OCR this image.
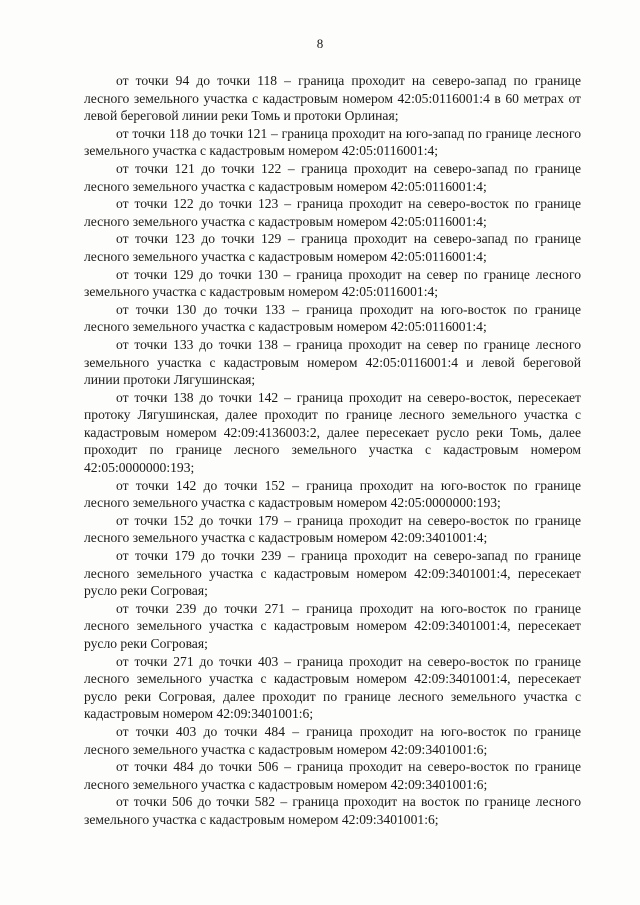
8

от точки 94 до точки 118 – граница проходит на северо-запад по границе лесного земельного участка с кадастровым номером 42:05:0116001:4 в 60 метрах от левой береговой линии реки Томь и протоки Орлиная;

от точки 118 до точки 121 – граница проходит на юго-запад по границе лесного земельного участка с кадастровым номером 42:05:0116001:4;

от точки 121 до точки 122 – граница проходит на северо-запад по границе лесного земельного участка с кадастровым номером 42:05:0116001:4;

от точки 122 до точки 123 – граница проходит на северо-восток по границе лесного земельного участка с кадастровым номером 42:05:0116001:4;

от точки 123 до точки 129 – граница проходит на северо-запад по границе лесного земельного участка с кадастровым номером 42:05:0116001:4;

от точки 129 до точки 130 – граница проходит на север по границе лесного земельного участка с кадастровым номером 42:05:0116001:4;

от точки 130 до точки 133 – граница проходит на юго-восток по границе лесного земельного участка с кадастровым номером 42:05:0116001:4;

от точки 133 до точки 138 – граница проходит на север по границе лесного земельного участка с кадастровым номером 42:05:0116001:4 и левой береговой линии протоки Лягушинская;

от точки 138 до точки 142 – граница проходит на северо-восток, пересекает протоку Лягушинская, далее проходит по границе лесного земельного участка с кадастровым номером 42:09:4136003:2, далее пересекает русло реки Томь, далее проходит по границе лесного земельного участка с кадастровым номером 42:05:0000000:193;

от точки 142 до точки 152 – граница проходит на юго-восток по границе лесного земельного участка с кадастровым номером 42:05:0000000:193;

от точки 152 до точки 179 – граница проходит на северо-восток по границе лесного земельного участка с кадастровым номером 42:09:3401001:4;

от точки 179 до точки 239 – граница проходит на северо-запад по границе лесного земельного участка с кадастровым номером 42:09:3401001:4, пересекает русло реки Согровая;

от точки 239 до точки 271 – граница проходит на юго-восток по границе лесного земельного участка с кадастровым номером 42:09:3401001:4, пересекает русло реки Согровая;

от точки 271 до точки 403 – граница проходит на северо-восток по границе лесного земельного участка с кадастровым номером 42:09:3401001:4, пересекает русло реки Согровая, далее проходит по границе лесного земельного участка с кадастровым номером 42:09:3401001:6;

от точки 403 до точки 484 – граница проходит на юго-восток по границе лесного земельного участка с кадастровым номером 42:09:3401001:6;

от точки 484 до точки 506 – граница проходит на северо-восток по границе лесного земельного участка с кадастровым номером 42:09:3401001:6;

от точки 506 до точки 582 – граница проходит на восток по границе лесного земельного участка с кадастровым номером 42:09:3401001:6;
